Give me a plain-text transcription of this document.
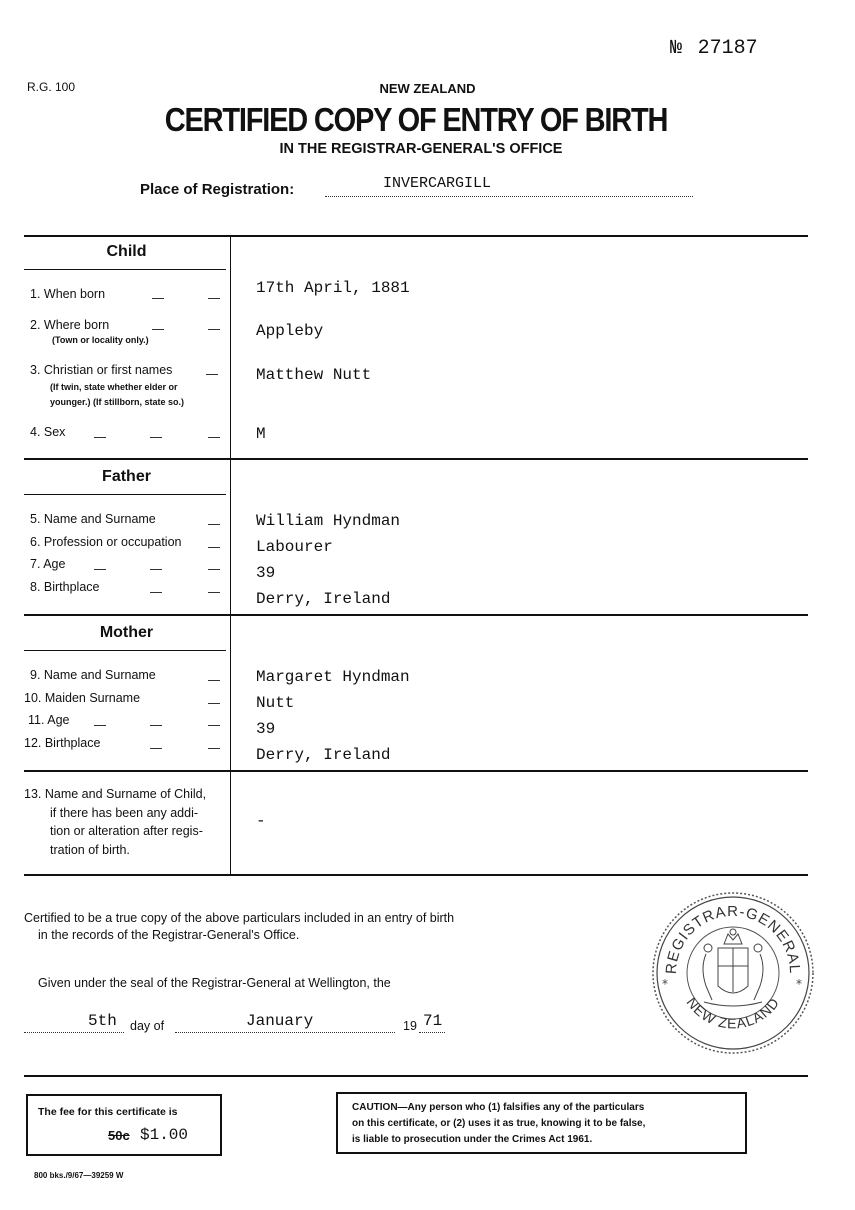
№ 27187
R.G. 100	NEW ZEALAND
CERTIFIED COPY OF ENTRY OF BIRTH
IN THE REGISTRAR-GENERAL'S OFFICE
Place of Registration:	INVERCARGILL
Child
1. When born	17th April, 1881
2. Where born
(Town or locality only.)	Appleby
3. Christian or first names
(If twin, state whether elder or
younger.) (If stillborn, state so.)
Matthew Nutt
4. Sex	M
Father
5. Name and Surname	William Hyndman
6. Profession or occupation	Labourer
7. Age	39
8. Birthplace
Derry, Ireland
Mother
9. Name and Surname	Margaret Hyndman
10. Maiden Surname	Nutt
11. Age	39
12. Birthplace
Derry, Ireland
13. Name and Surname of Child,
if there has been any addi-
tion or alteration after regis-
tration of birth.
-
Certified to be a true copy of the above particulars included in an entry of birth
in the records of the Registrar-General's Office.
Given under the seal of the Registrar-General at Wellington, the
5th day of	January	19 71
REGISTRAR-GENERAL
NEW ZEALAND
*	*
The fee for this certificate is
50c $1.00
CAUTION—Any person who (1) falsifies any of the particulars
on this certificate, or (2) uses it as true, knowing it to be false,
is liable to prosecution under the Crimes Act 1961.
800 bks./9/67—39259 W
